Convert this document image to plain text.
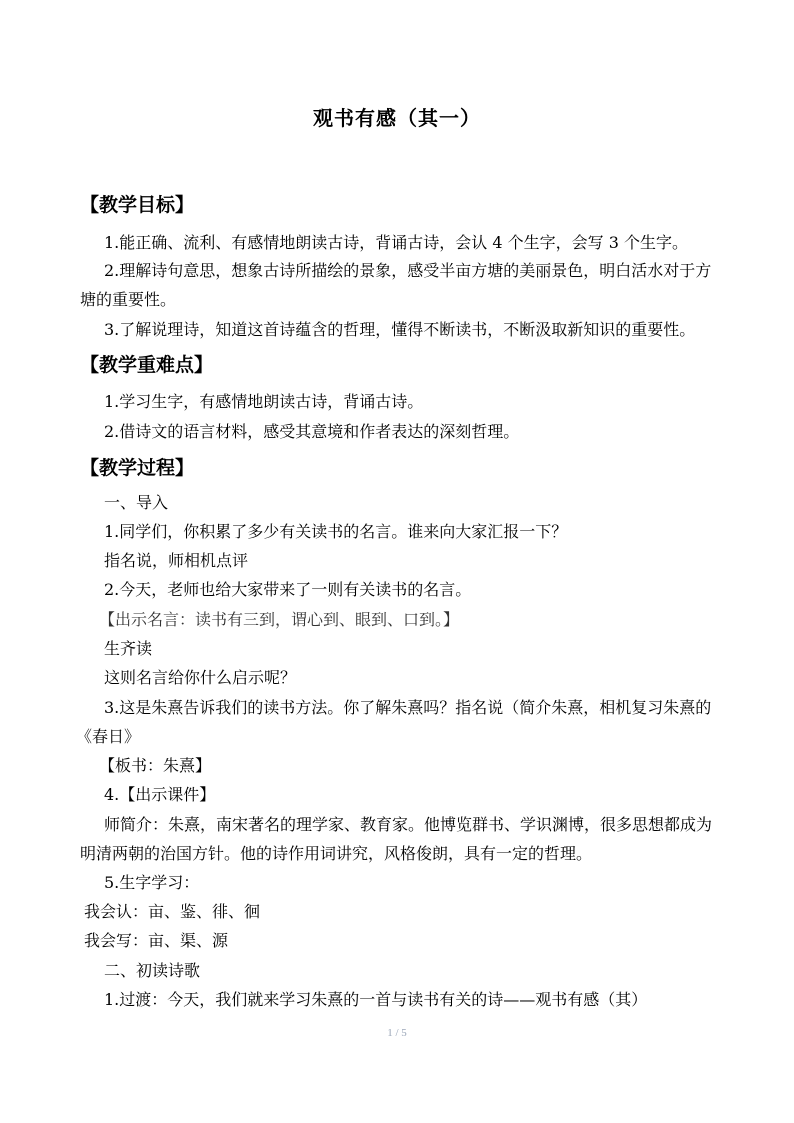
观书有感（其一）
【教学目标】
1.能正确、流利、有感情地朗读古诗，背诵古诗，会认 4 个生字，会写 3 个生字。
2.理解诗句意思，想象古诗所描绘的景象，感受半亩方塘的美丽景色，明白活水对于方
塘的重要性。
3.了解说理诗，知道这首诗蕴含的哲理，懂得不断读书，不断汲取新知识的重要性。
【教学重难点】
1.学习生字，有感情地朗读古诗，背诵古诗。
2.借诗文的语言材料，感受其意境和作者表达的深刻哲理。
【教学过程】
一、导入
1.同学们，你积累了多少有关读书的名言。谁来向大家汇报一下？
指名说，师相机点评
2.今天，老师也给大家带来了一则有关读书的名言。
【出示名言：读书有三到，谓心到、眼到、口到。】
生齐读
这则名言给你什么启示呢？
3.这是朱熹告诉我们的读书方法。你了解朱熹吗？指名说（简介朱熹，相机复习朱熹的
《春日》
【板书：朱熹】
4.【出示课件】
师简介：朱熹，南宋著名的理学家、教育家。他博览群书、学识渊博，很多思想都成为
明清两朝的治国方针。他的诗作用词讲究，风格俊朗，具有一定的哲理。
5.生字学习：
我会认：亩、鉴、徘、徊
我会写：亩、渠、源
二、初读诗歌
1.过渡：今天，我们就来学习朱熹的一首与读书有关的诗——观书有感（其）
1 / 5
